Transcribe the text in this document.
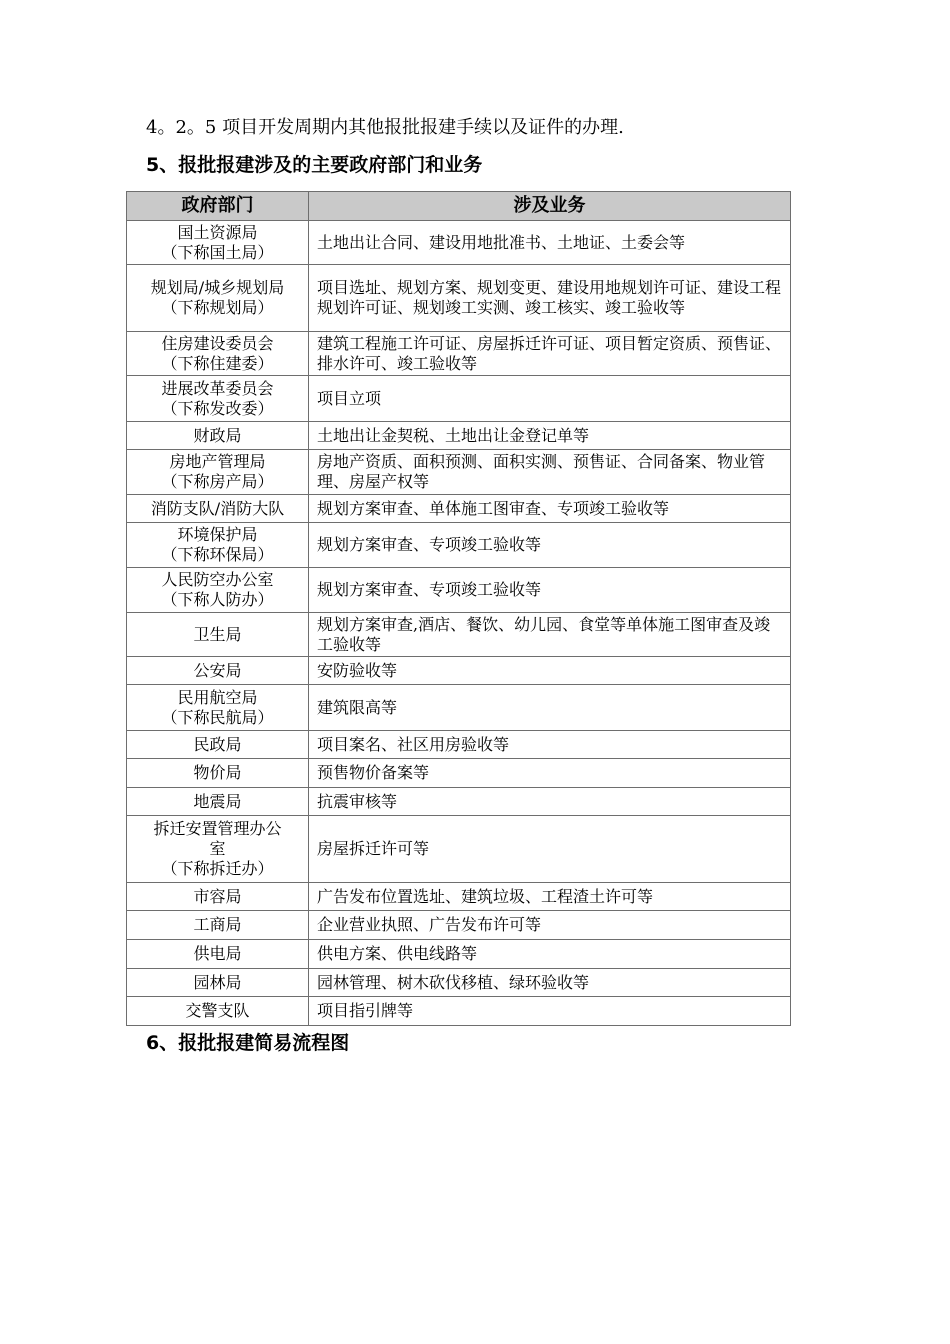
4。2。5 项目开发周期内其他报批报建手续以及证件的办理.
5、报批报建涉及的主要政府部门和业务
政府部门	涉及业务

国土资源局
（下称国土局）	土地出让合同、建设用地批准书、土地证、土委会等

规划局/城乡规划局
（下称规划局）	项目选址、规划方案、规划变更、建设用地规划许可证、建设工程规划许可证、规划竣工实测、竣工核实、竣工验收等

住房建设委员会
（下称住建委）	建筑工程施工许可证、房屋拆迁许可证、项目暂定资质、预售证、排水许可、竣工验收等

进展改革委员会
（下称发改委）	项目立项

财政局	土地出让金契税、土地出让金登记单等

房地产管理局
（下称房产局）	房地产资质、面积预测、面积实测、预售证、合同备案、物业管理、房屋产权等

消防支队/消防大队	规划方案审查、单体施工图审查、专项竣工验收等

环境保护局
（下称环保局）	规划方案审查、专项竣工验收等

人民防空办公室
（下称人防办）	规划方案审查、专项竣工验收等

卫生局	规划方案审查,酒店、餐饮、幼儿园、食堂等单体施工图审查及竣工验收等

公安局	安防验收等

民用航空局
（下称民航局）	建筑限高等

民政局	项目案名、社区用房验收等

物价局	预售物价备案等

地震局	抗震审核等

拆迁安置管理办公
室
（下称拆迁办）	房屋拆迁许可等

市容局	广告发布位置选址、建筑垃圾、工程渣土许可等

工商局	企业营业执照、广告发布许可等

供电局	供电方案、供电线路等

园林局	园林管理、树木砍伐移植、绿环验收等

交警支队	项目指引牌等
6、报批报建简易流程图
